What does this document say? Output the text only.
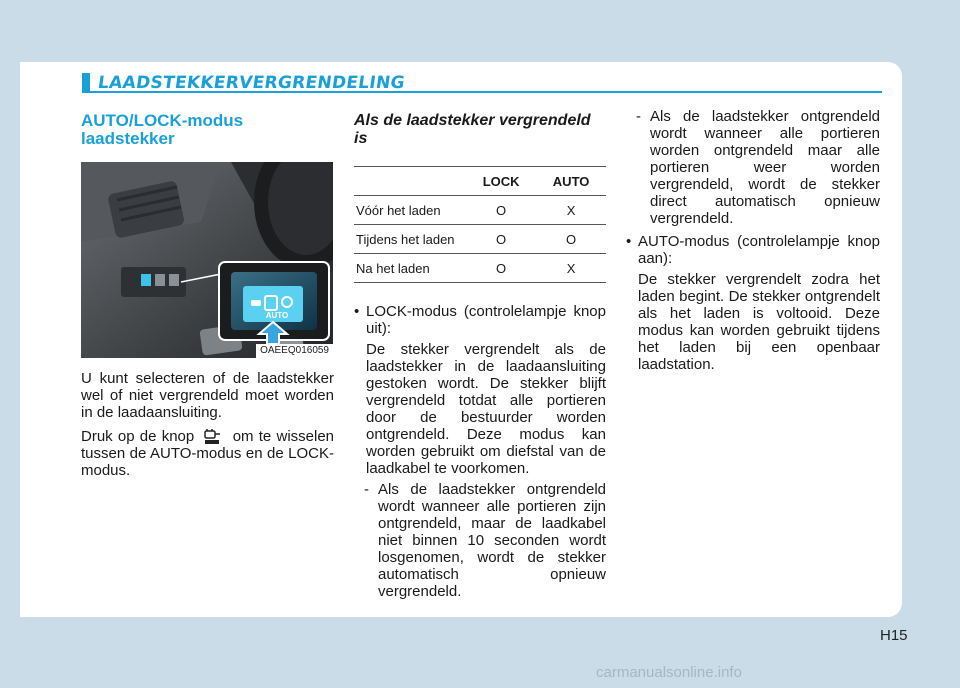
LAADSTEKKERVERGRENDELING
AUTO/LOCK-modus laadstekker
AUTO
OAEEQ016059

U kunt selecteren of de laadstekker wel of niet vergrendeld moet worden in de laadaansluiting.

Druk op de knop	om te wisselen tussen de AUTO-modus en de LOCK-modus.

Als de laadstekker vergrendeld is
	LOCK	AUTO
Vóór het laden	O	X
Tijdens het laden	O	O
Na het laden	O	X

• LOCK-modus (controlelampje knop uit):

De stekker vergrendelt als de laadstekker in de laadaansluiting gestoken wordt. De stekker blijft vergrendeld totdat alle portieren door de bestuurder worden ontgrendeld. Deze modus kan worden gebruikt om diefstal van de laadkabel te voorkomen.

- Als de laadstekker ontgrendeld wordt wanneer alle portieren zijn ontgrendeld, maar de laadkabel niet binnen 10 seconden wordt losgenomen, wordt de stekker automatisch opnieuw vergrendeld.

- Als de laadstekker ontgrendeld wordt wanneer alle portieren worden ontgrendeld maar alle portieren weer worden vergrendeld, wordt de stekker direct automatisch opnieuw vergrendeld.

• AUTO-modus (controlelampje knop aan):

De stekker vergrendelt zodra het laden begint. De stekker ontgrendelt als het laden is voltooid. Deze modus kan worden gebruikt tijdens het laden bij een openbaar laadstation.

H15
carmanualsonline.info
